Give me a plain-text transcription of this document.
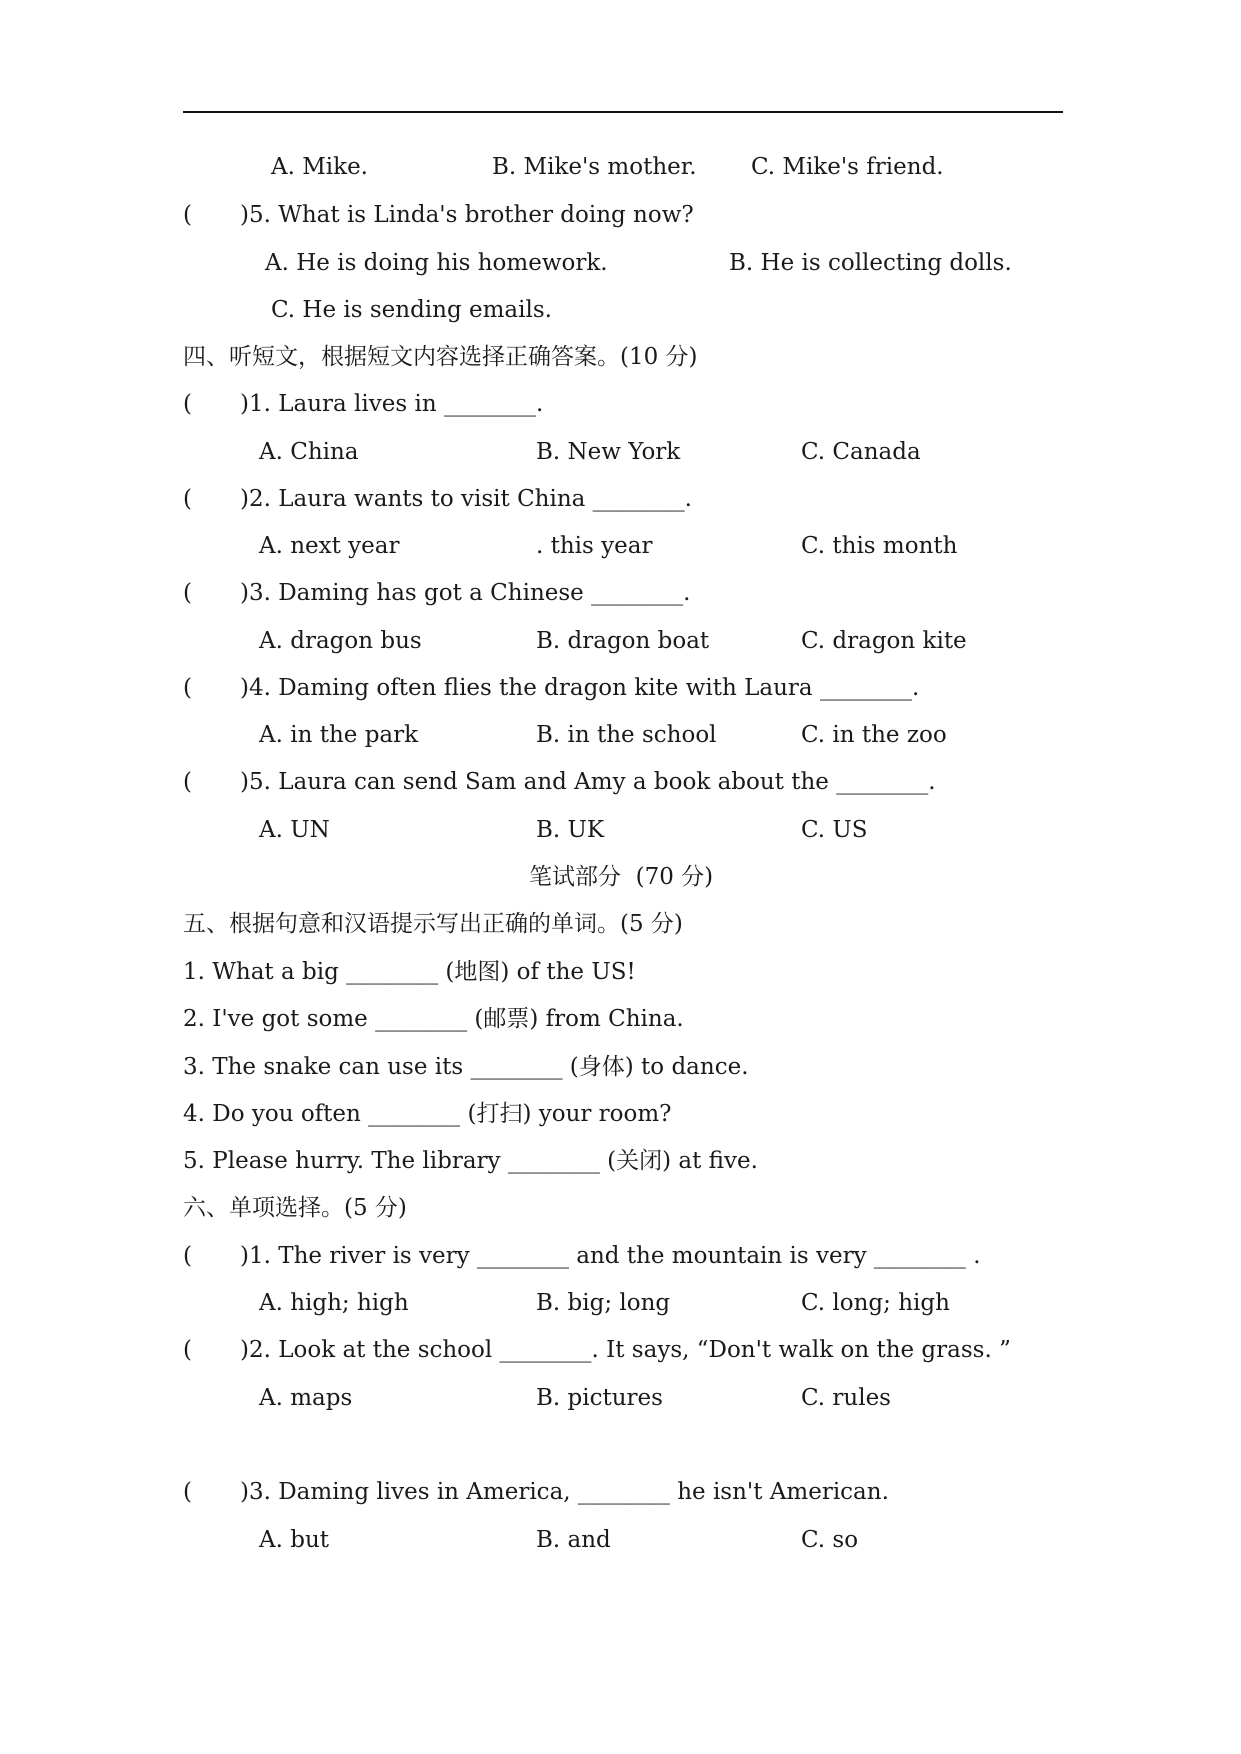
A. Mike.	B. Mike's mother. C. Mike's friend.
( )5. What is Linda's brother doing now?
A. He is doing his homework.	B. He is collecting dolls.
C. He is sending emails.
四、听短文，根据短文内容选择正确答案。(10 分)
( )1. Laura lives in ________.
A. China	B. New York	C. Canada
( )2. Laura wants to visit China ________.
A. next year	. this year	C. this month
( )3. Daming has got a Chinese ________.
A. dragon bus	B. dragon boat	C. dragon kite
( )4. Daming often flies the dragon kite with Laura ________.
A. in the park	B. in the school	C. in the zoo
( )5. Laura can send Sam and Amy a book about the ________.
A. UN	B. UK	C. US
笔试部分  (70 分)
五、根据句意和汉语提示写出正确的单词。(5 分)
1. What a big ________ (地图) of the US!
2. I've got some ________ (邮票) from China.
3. The snake can use its ________ (身体) to dance.
4. Do you often ________ (打扫) your room?
5. Please hurry. The library ________ (关闭) at five.
六、单项选择。(5 分)
( )1. The river is very ________ and the mountain is very ________ .
A. high; high	B. big; long	C. long; high
( )2. Look at the school ________. It says, “Don't walk on the grass. ”
A. maps	B. pictures	C. rules
( )3. Daming lives in America, ________ he isn't American.
A. but	B. and	C. so
